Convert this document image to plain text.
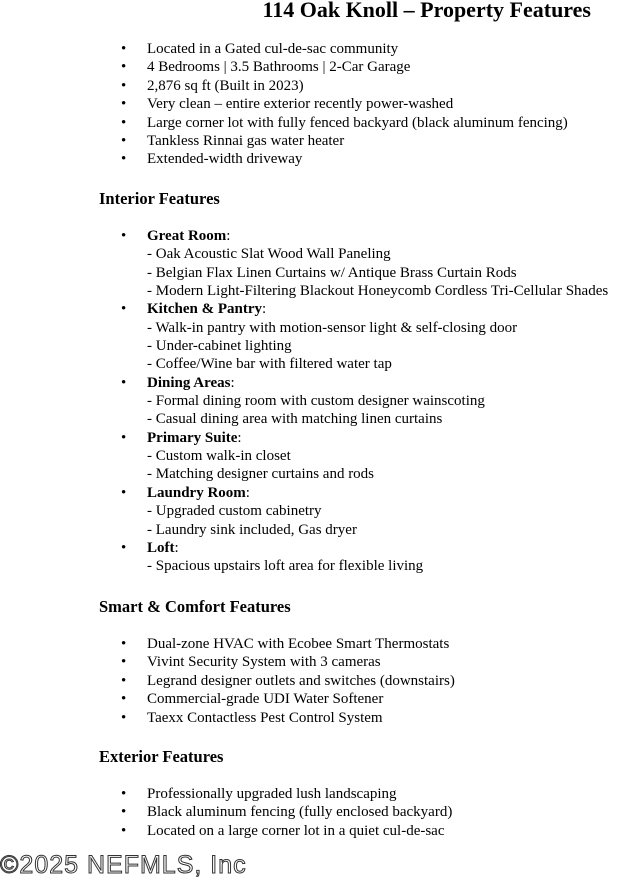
114 Oak Knoll – Property Features
• Located in a Gated cul-de-sac community
• 4 Bedrooms | 3.5 Bathrooms | 2-Car Garage
• 2,876 sq ft (Built in 2023)
• Very clean – entire exterior recently power-washed
• Large corner lot with fully fenced backyard (black aluminum fencing)
• Tankless Rinnai gas water heater
• Extended-width driveway
Interior Features
• Great Room:
- Oak Acoustic Slat Wood Wall Paneling
- Belgian Flax Linen Curtains w/ Antique Brass Curtain Rods
- Modern Light-Filtering Blackout Honeycomb Cordless Tri-Cellular Shades
• Kitchen & Pantry:
- Walk-in pantry with motion-sensor light & self-closing door
- Under-cabinet lighting
- Coffee/Wine bar with filtered water tap
• Dining Areas:
- Formal dining room with custom designer wainscoting
- Casual dining area with matching linen curtains
• Primary Suite:
- Custom walk-in closet
- Matching designer curtains and rods
• Laundry Room:
- Upgraded custom cabinetry
- Laundry sink included, Gas dryer
• Loft:
- Spacious upstairs loft area for flexible living
Smart & Comfort Features
• Dual-zone HVAC with Ecobee Smart Thermostats
• Vivint Security System with 3 cameras
• Legrand designer outlets and switches (downstairs)
• Commercial-grade UDI Water Softener
• Taexx Contactless Pest Control System
Exterior Features
• Professionally upgraded lush landscaping
• Black aluminum fencing (fully enclosed backyard)
• Located on a large corner lot in a quiet cul-de-sac
©2025 NEFMLS, Inc
